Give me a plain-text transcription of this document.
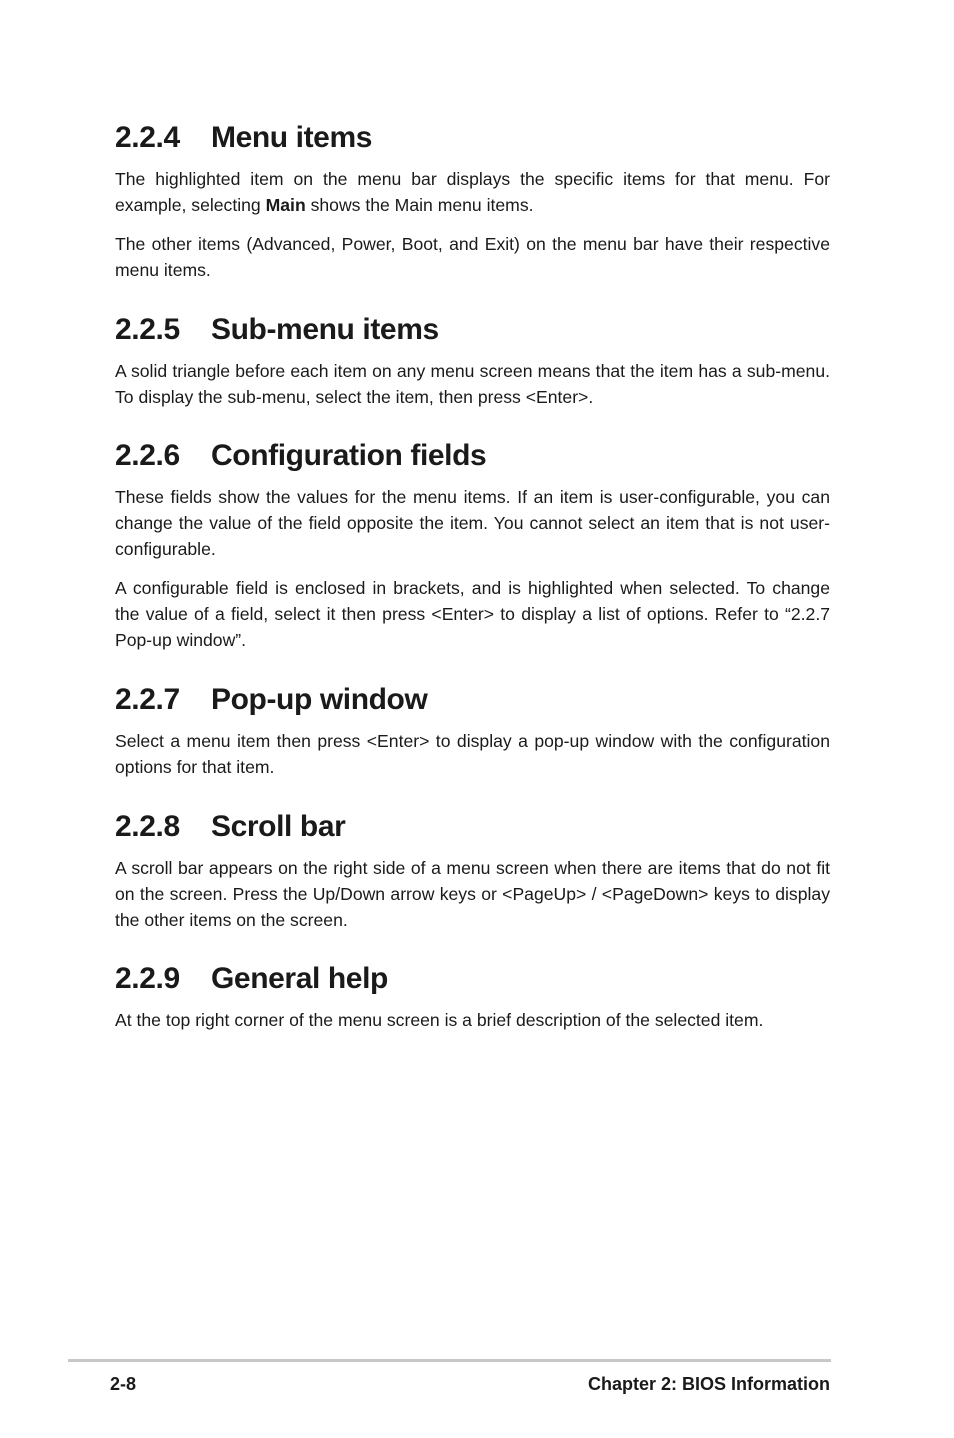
2.2.4 Menu items

The highlighted item on the menu bar displays the specific items for that menu. For example, selecting Main shows the Main menu items.

The other items (Advanced, Power, Boot, and Exit) on the menu bar have their respective menu items.

2.2.5 Sub-menu items

A solid triangle before each item on any menu screen means that the item has a sub-menu. To display the sub-menu, select the item, then press <Enter>.

2.2.6 Configuration fields

These fields show the values for the menu items. If an item is user-configurable, you can change the value of the field opposite the item. You cannot select an item that is not user-configurable.

A configurable field is enclosed in brackets, and is highlighted when selected. To change the value of a field, select it then press <Enter> to display a list of options. Refer to “2.2.7 Pop-up window”.

2.2.7 Pop-up window

Select a menu item then press <Enter> to display a pop-up window with the configuration options for that item.

2.2.8 Scroll bar

A scroll bar appears on the right side of a menu screen when there are items that do not fit on the screen. Press the Up/Down arrow keys or <PageUp> / <PageDown> keys to display the other items on the screen.

2.2.9 General help

At the top right corner of the menu screen is a brief description of the selected item.

2-8	Chapter 2: BIOS Information
